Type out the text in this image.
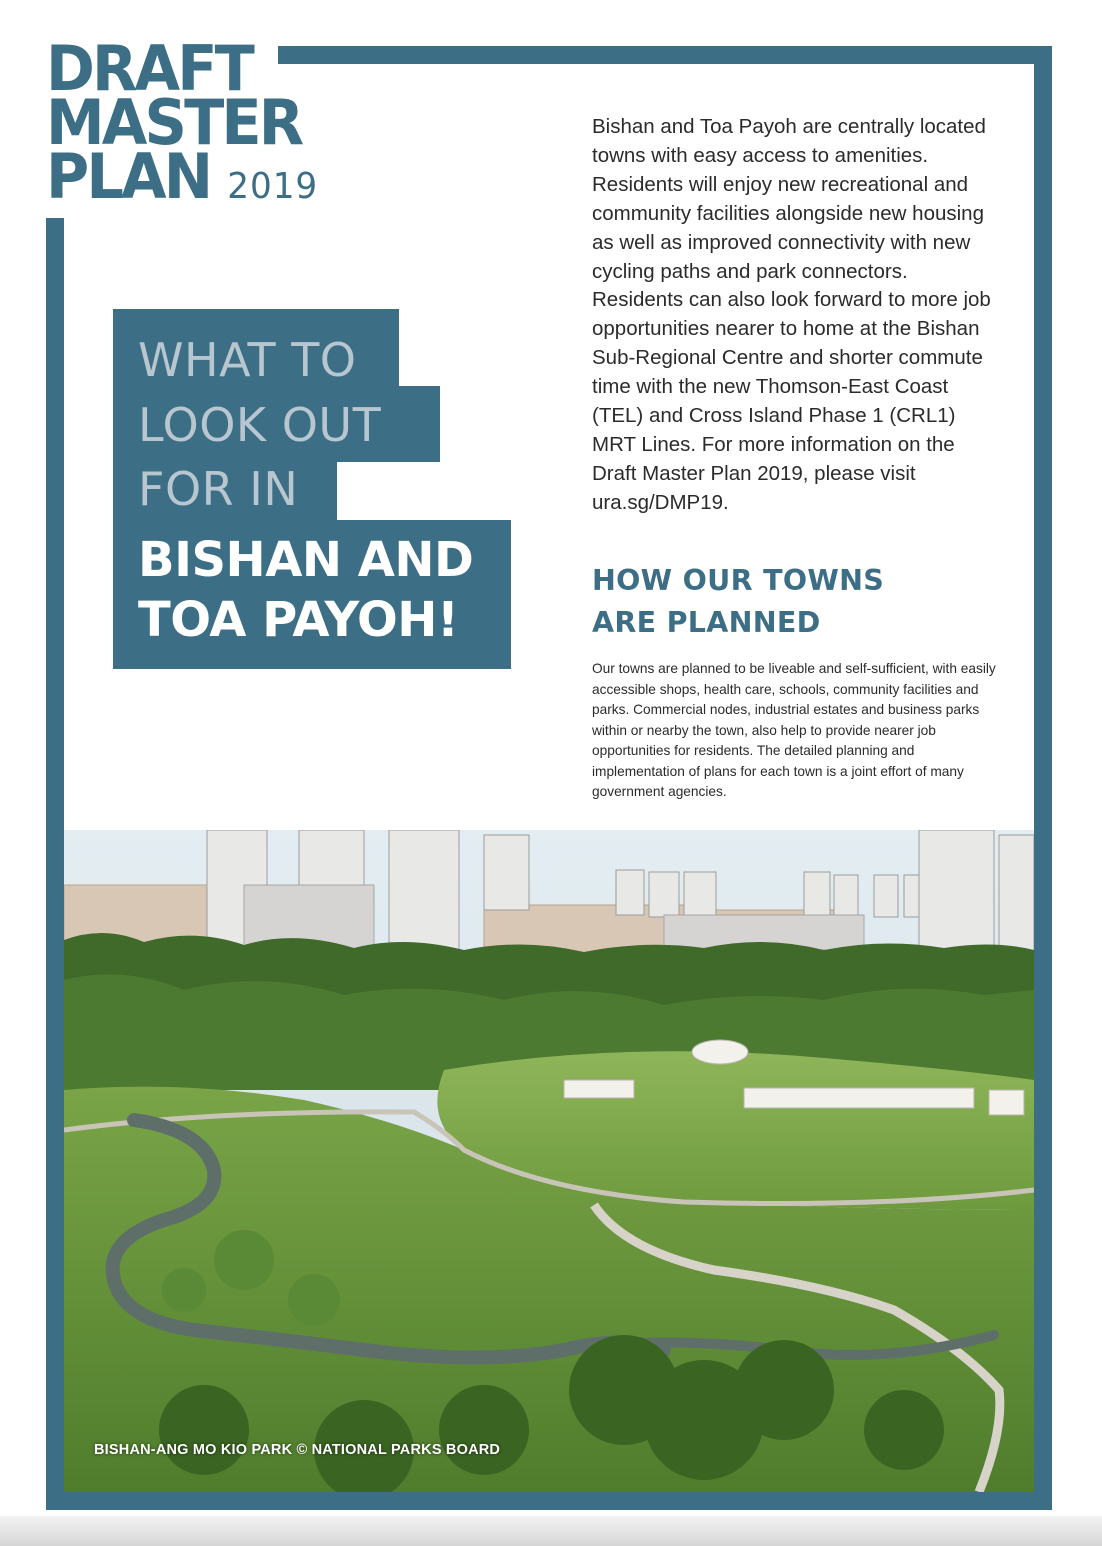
DRAFT
MASTER
PLAN 2019
WHAT TO
LOOK OUT
FOR IN
BISHAN AND
TOA PAYOH!

Bishan and Toa Payoh are centrally located towns with easy access to amenities. Residents will enjoy new recreational and community facilities alongside new housing as well as improved connectivity with new cycling paths and park connectors. Residents can also look forward to more job opportunities nearer to home at the Bishan Sub-Regional Centre and shorter commute time with the new Thomson-East Coast (TEL) and Cross Island Phase 1 (CRL1) MRT Lines. For more information on the Draft Master Plan 2019, please visit ura.sg/DMP19.

HOW OUR TOWNS
ARE PLANNED

Our towns are planned to be liveable and self-sufficient, with easily accessible shops, health care, schools, community facilities and parks. Commercial nodes, industrial estates and business parks within or nearby the town, also help to provide nearer job opportunities for residents. The detailed planning and implementation of plans for each town is a joint effort of many government agencies.

BISHAN-ANG MO KIO PARK © NATIONAL PARKS BOARD
